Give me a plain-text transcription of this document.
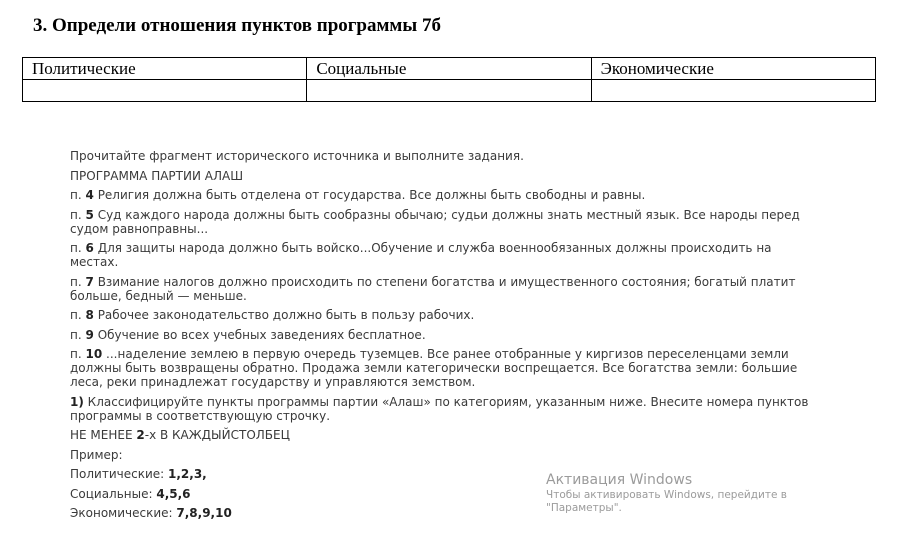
3. Определи отношения пунктов программы 7б
Политические	Социальные	Экономические

Прочитайте фрагмент исторического источника и выполните задания.

ПРОГРАММА ПАРТИИ АЛАШ

п. 4 Религия должна быть отделена от государства. Все должны быть свободны и равны.

п. 5 Суд каждого народа должны быть сообразны обычаю; судьи должны знать местный язык. Все народы перед судом равноправны...

п. 6 Для защиты народа должно быть войско...Обучение и служба военнообязанных должны происходить на местах.

п. 7 Взимание налогов должно происходить по степени богатства и имущественного состояния; богатый платит больше, бедный — меньше.

п. 8 Рабочее законодательство должно быть в пользу рабочих.

п. 9 Обучение во всех учебных заведениях бесплатное.

п. 10 ...наделение землею в первую очередь туземцев. Все ранее отобранные у киргизов переселенцами земли должны быть возвращены обратно. Продажа земли категорически воспрещается. Все богатства земли: большие леса, реки принадлежат государству и управляются земством.

1) Классифицируйте пункты программы партии «Алаш» по категориям, указанным ниже. Внесите номера пунктов программы в соответствующую строчку.

НЕ МЕНЕЕ 2-х В КАЖДЫЙСТОЛБЕЦ

Пример:

Политические: 1,2,3,

Социальные: 4,5,6

Экономические: 7,8,9,10

Активация Windows
Чтобы активировать Windows, перейдите в
"Параметры".
